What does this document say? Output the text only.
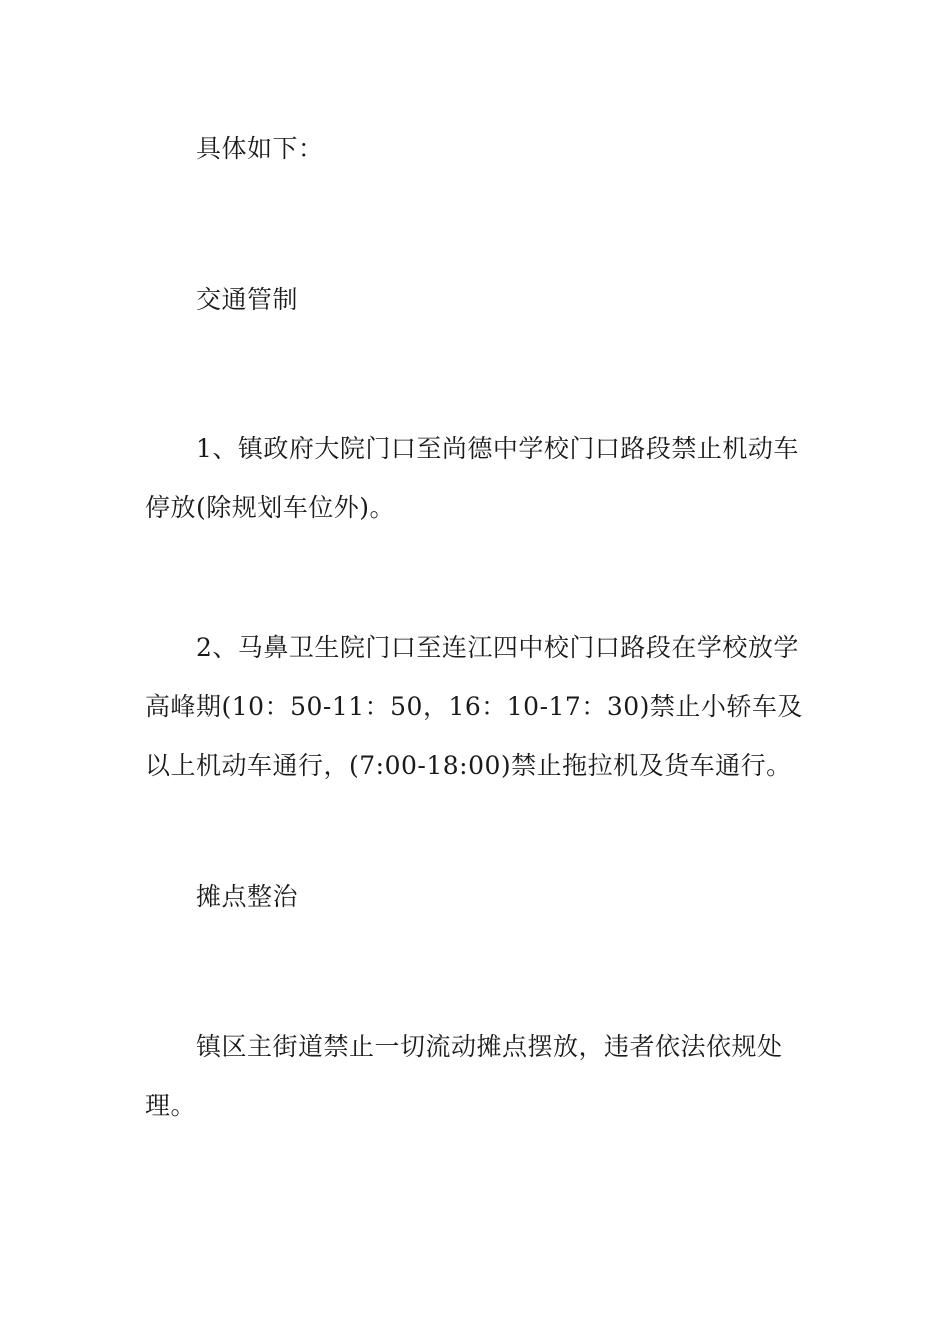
具体如下：

交通管制

1、镇政府大院门口至尚德中学校门口路段禁止机动车停放(除规划车位外)。

2、马鼻卫生院门口至连江四中校门口路段在学校放学高峰期(10：50-11：50，16：10-17：30)禁止小轿车及以上机动车通行，(7:00-18:00)禁止拖拉机及货车通行。

摊点整治

镇区主街道禁止一切流动摊点摆放，违者依法依规处理。
